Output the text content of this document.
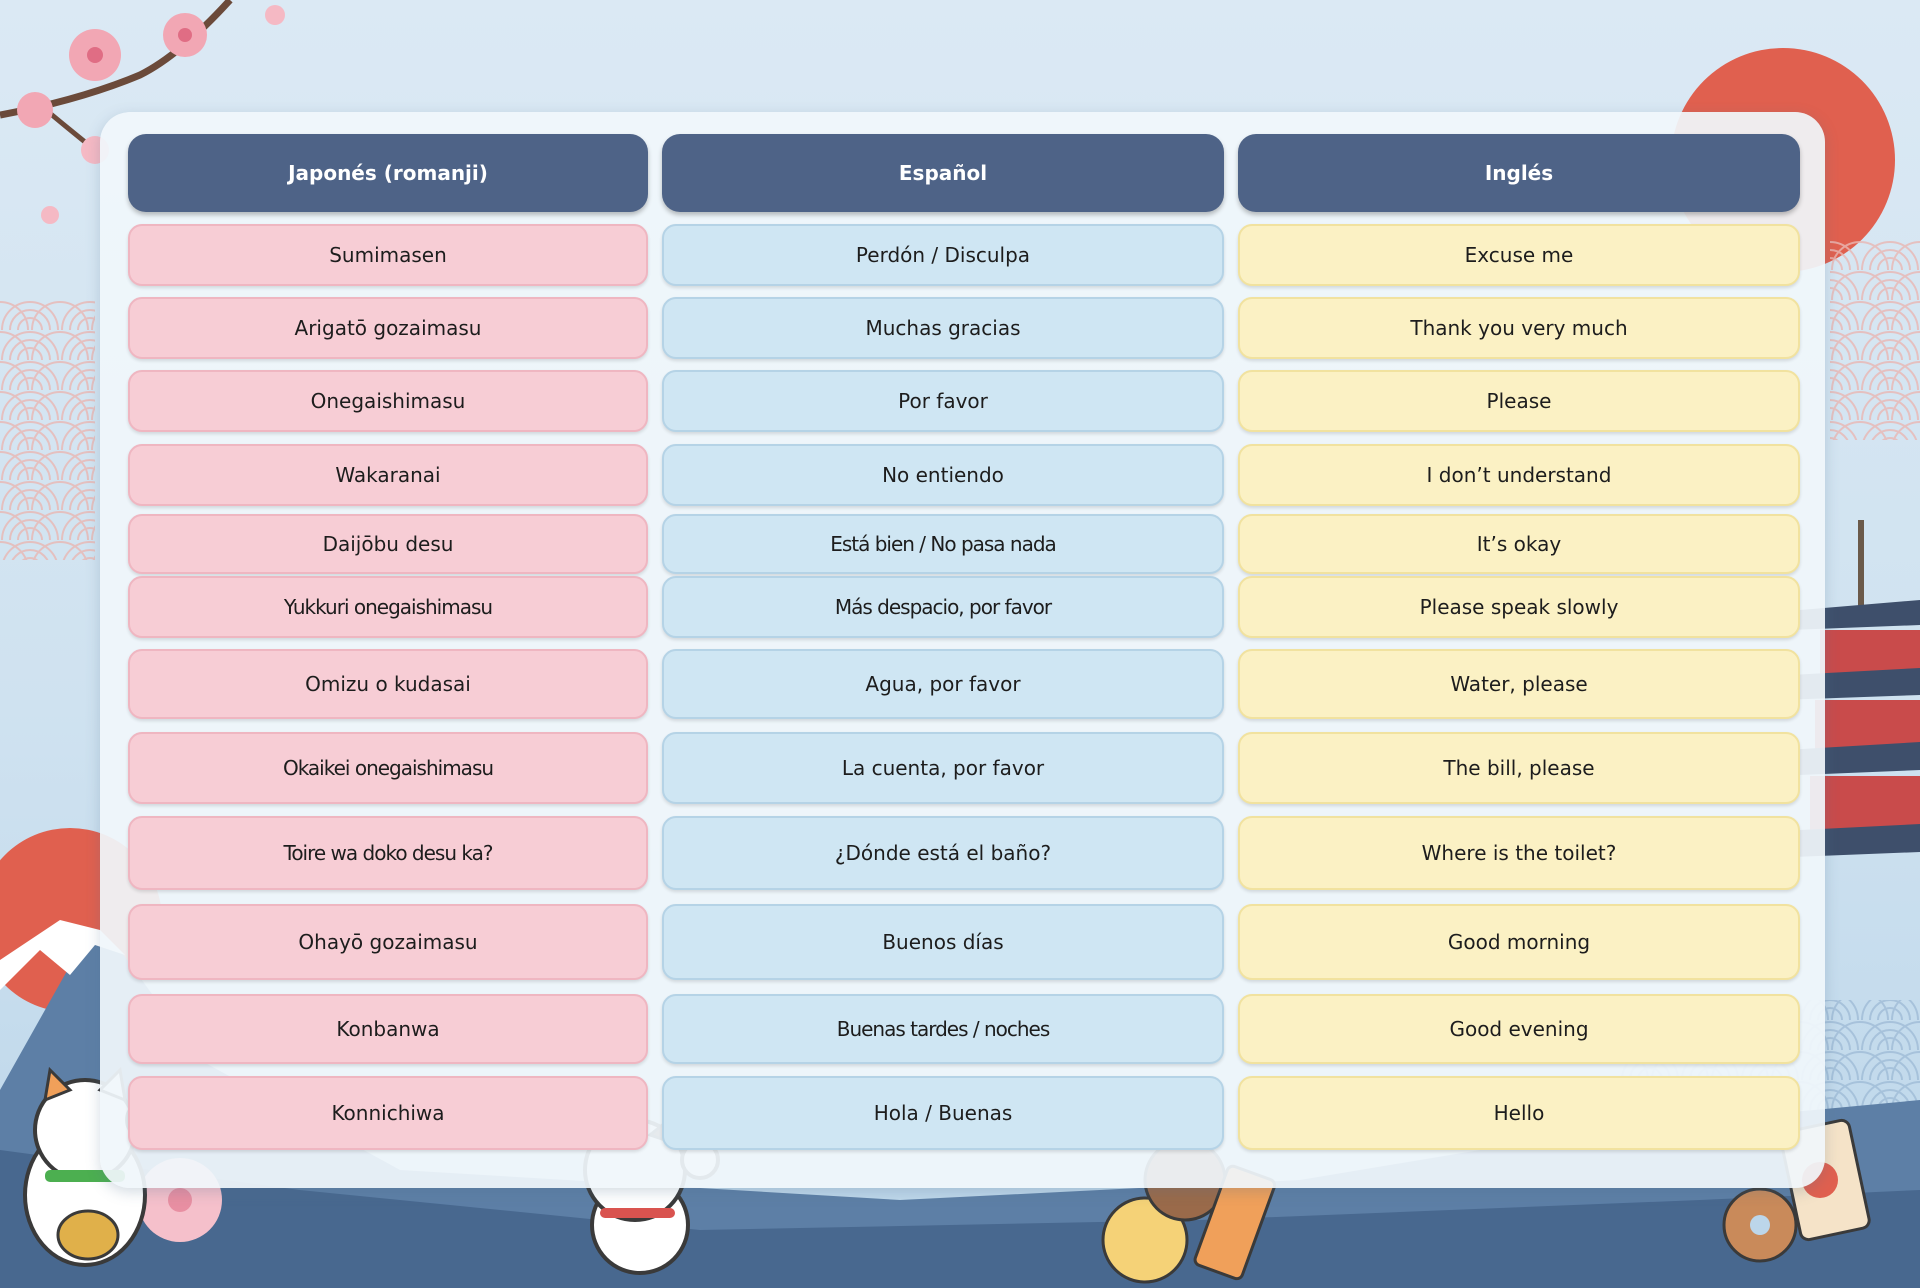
Japonés (romanji)	Español	Inglés
Sumimasen	Perdón / Disculpa	Excuse me
Arigatō gozaimasu	Muchas gracias	Thank you very much
Onegaishimasu	Por favor	Please
Wakaranai	No entiendo	I don’t understand
Daijōbu desu	Está bien / No pasa nada	It’s okay
Yukkuri onegaishimasu	Más despacio, por favor	Please speak slowly
Omizu o kudasai	Agua, por favor	Water, please
Okaikei onegaishimasu	La cuenta, por favor	The bill, please
Toire wa doko desu ka?	¿Dónde está el baño?	Where is the toilet?
Ohayō gozaimasu	Buenos días	Good morning
Konbanwa	Buenas tardes / noches	Good evening
Konnichiwa	Hola / Buenas	Hello
